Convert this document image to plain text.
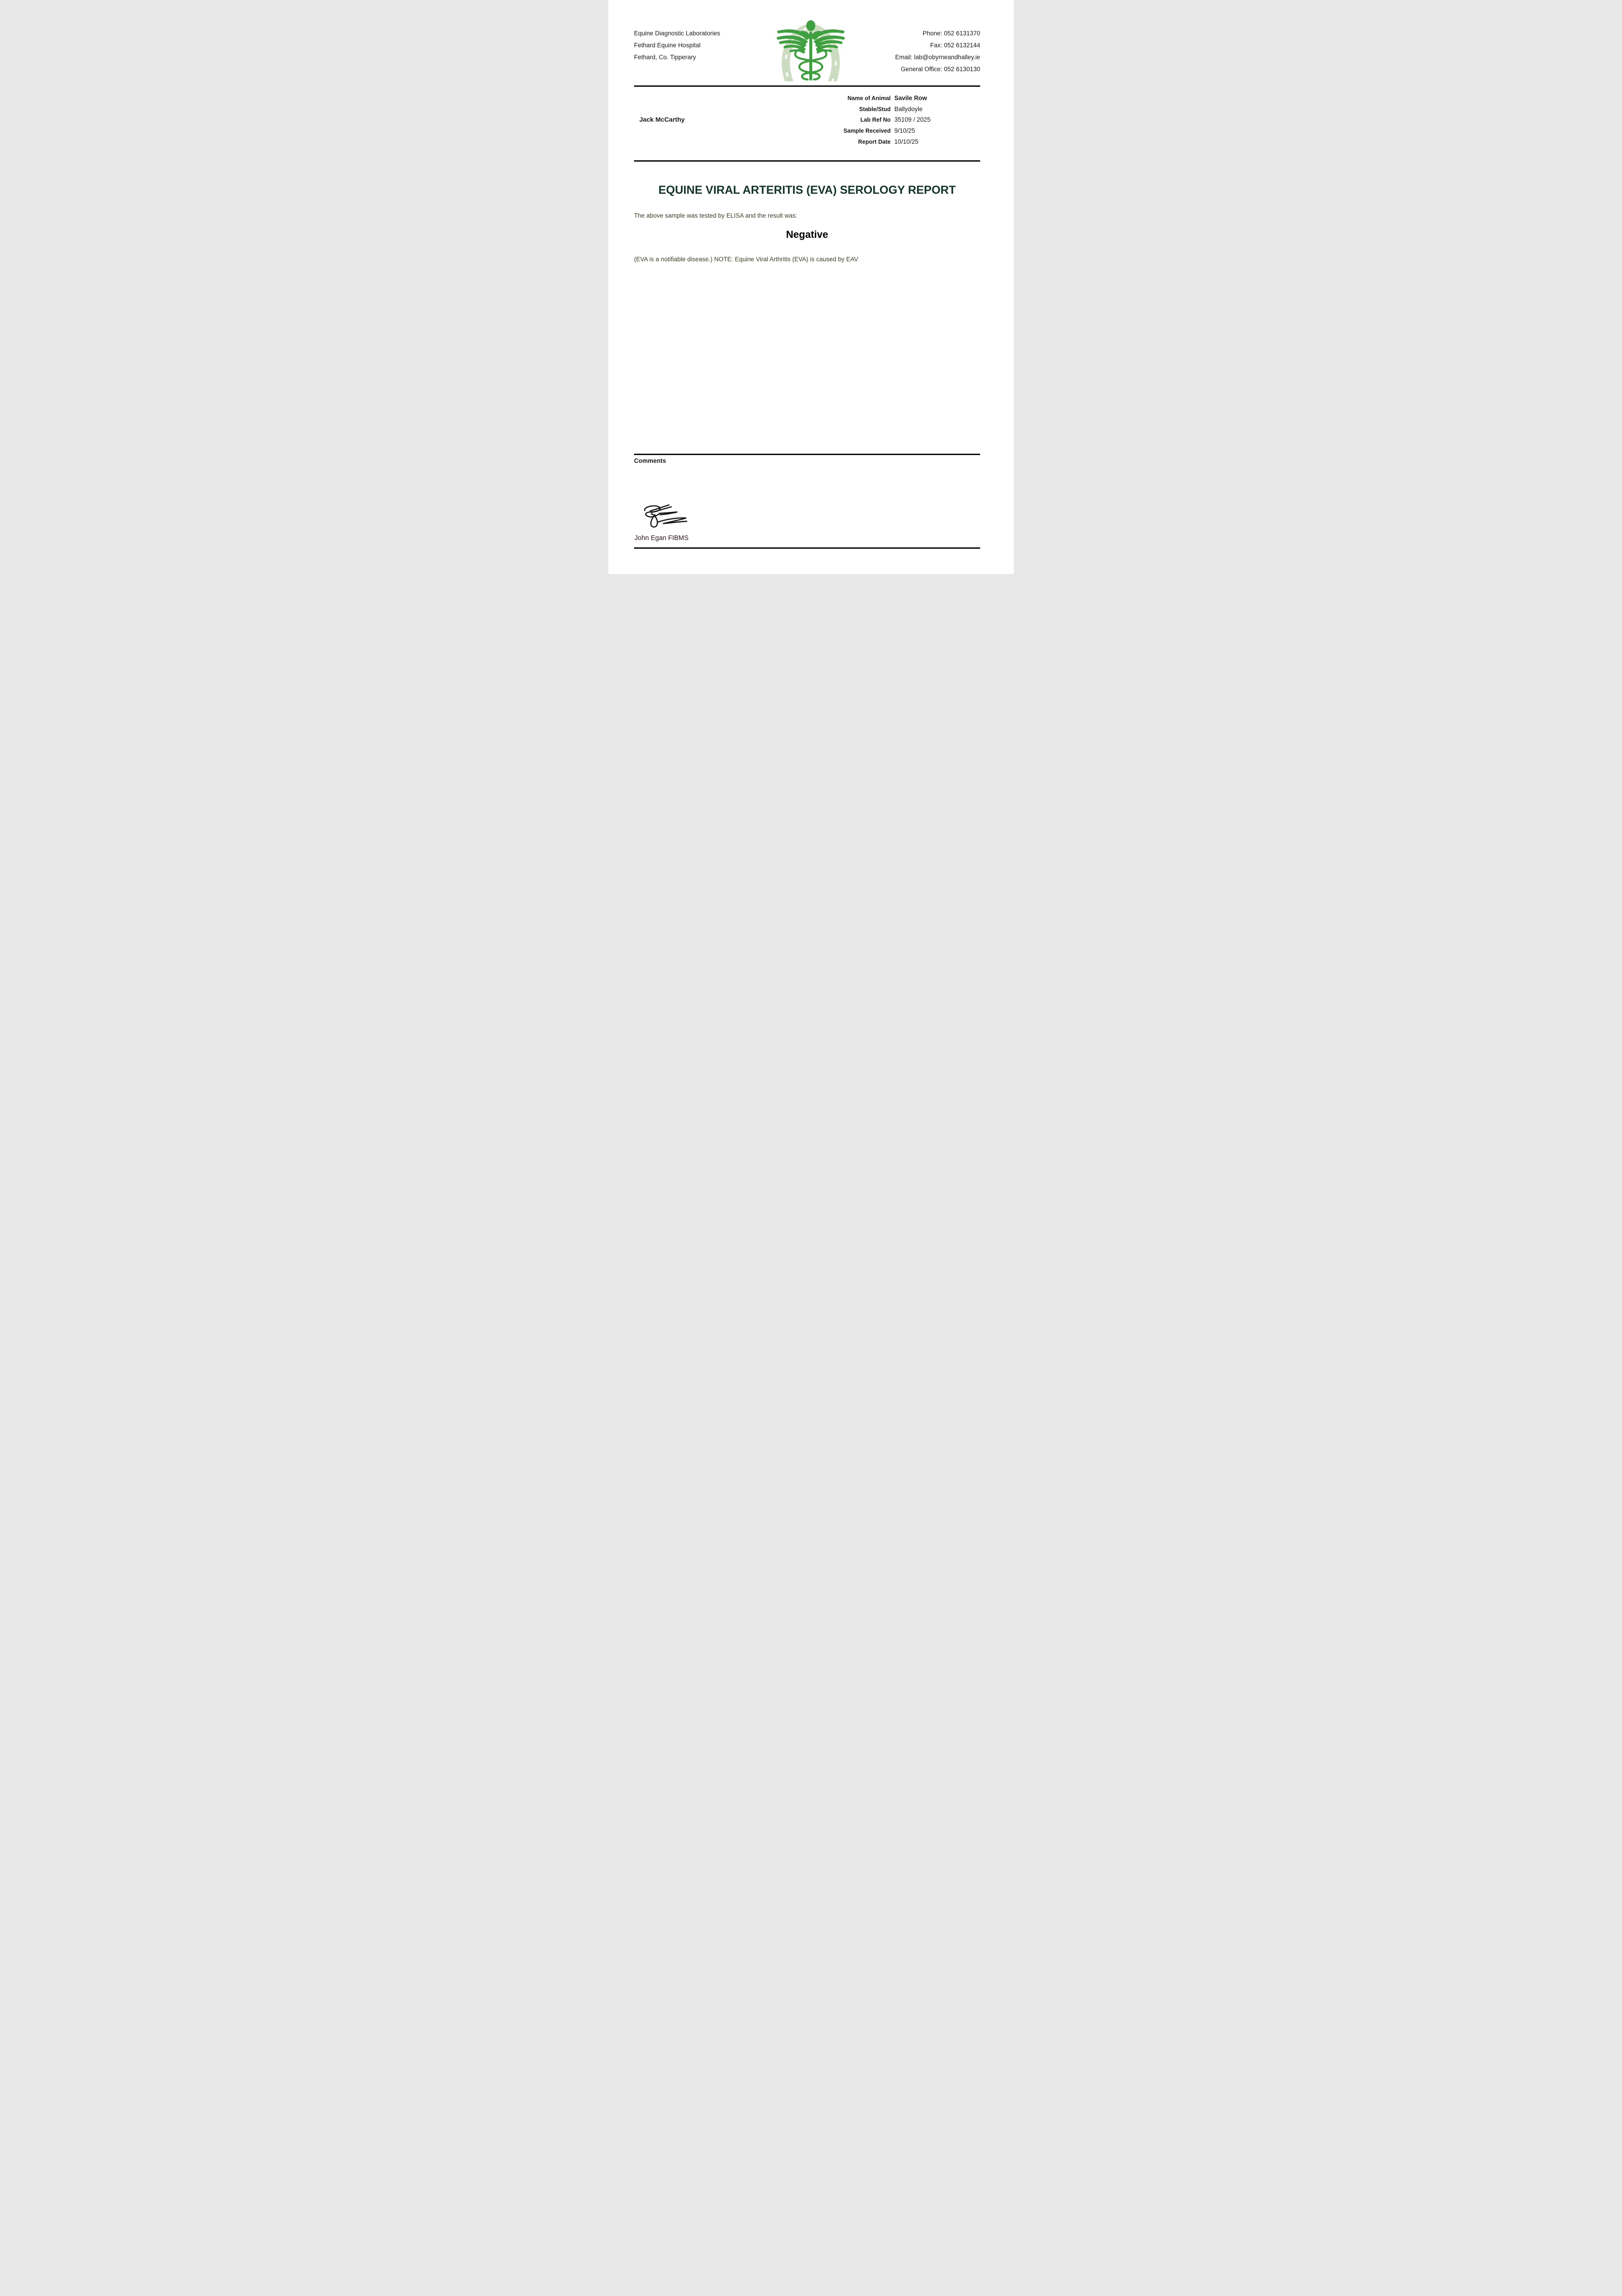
Equine Diagnostic Laboratories
Fethard Equine Hospital
Fethard, Co. Tipperary
Phone: 052 6131370
Fax: 052 6132144
Email: lab@obyrneandhalley.ie
General Office: 052 6130130
Jack McCarthy
Name of Animal Savile Row
Stable/Stud Ballydoyle
Lab Ref No 35109 / 2025
Sample Received 9/10/25
Report Date 10/10/25
EQUINE VIRAL ARTERITIS (EVA) SEROLOGY REPORT
The above sample was tested by ELISA and the result was:
Negative
(EVA is a notifiable disease.) NOTE: Equine Viral Arthritis (EVA) is caused by EAV
Comments
John Egan FIBMS
